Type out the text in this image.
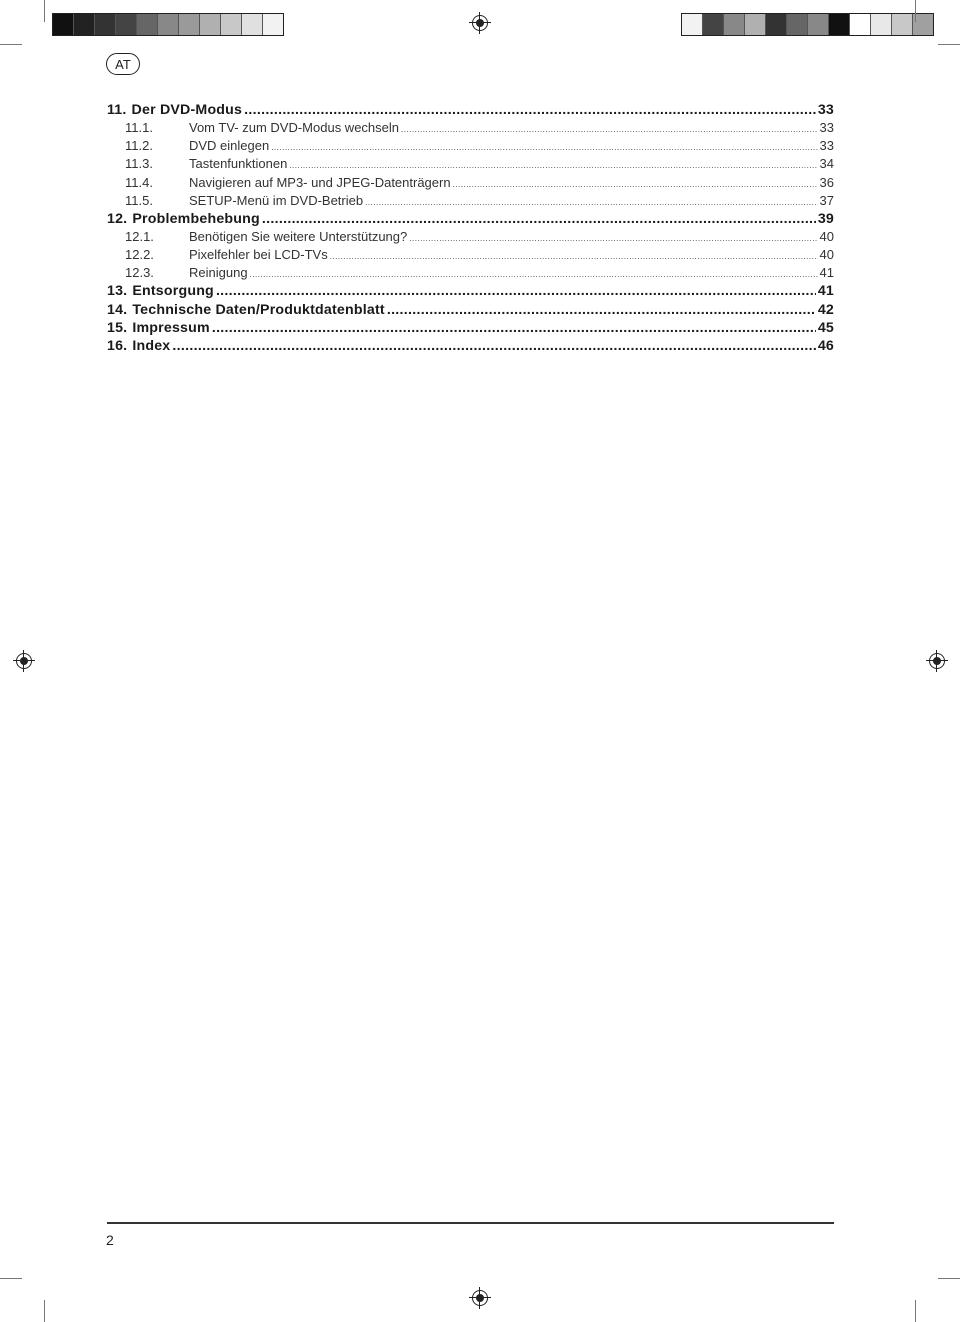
AT
11. Der DVD-Modus .....	33
11.1.	Vom TV- zum DVD-Modus wechseln .....	33
11.2.	DVD einlegen .....	33
11.3.	Tastenfunktionen .....	34
11.4.	Navigieren auf MP3- und JPEG-Datenträgern .....	36
11.5.	SETUP-Menü im DVD-Betrieb .....	37
12. Problembehebung .....	39
12.1.	Benötigen Sie weitere Unterstützung? .....	40
12.2.	Pixelfehler bei LCD-TVs .....	40
12.3.	Reinigung .....	41
13. Entsorgung .....	41
14. Technische Daten/Produktdatenblatt .....	42
15. Impressum .....	45
16. Index .....	46
2
